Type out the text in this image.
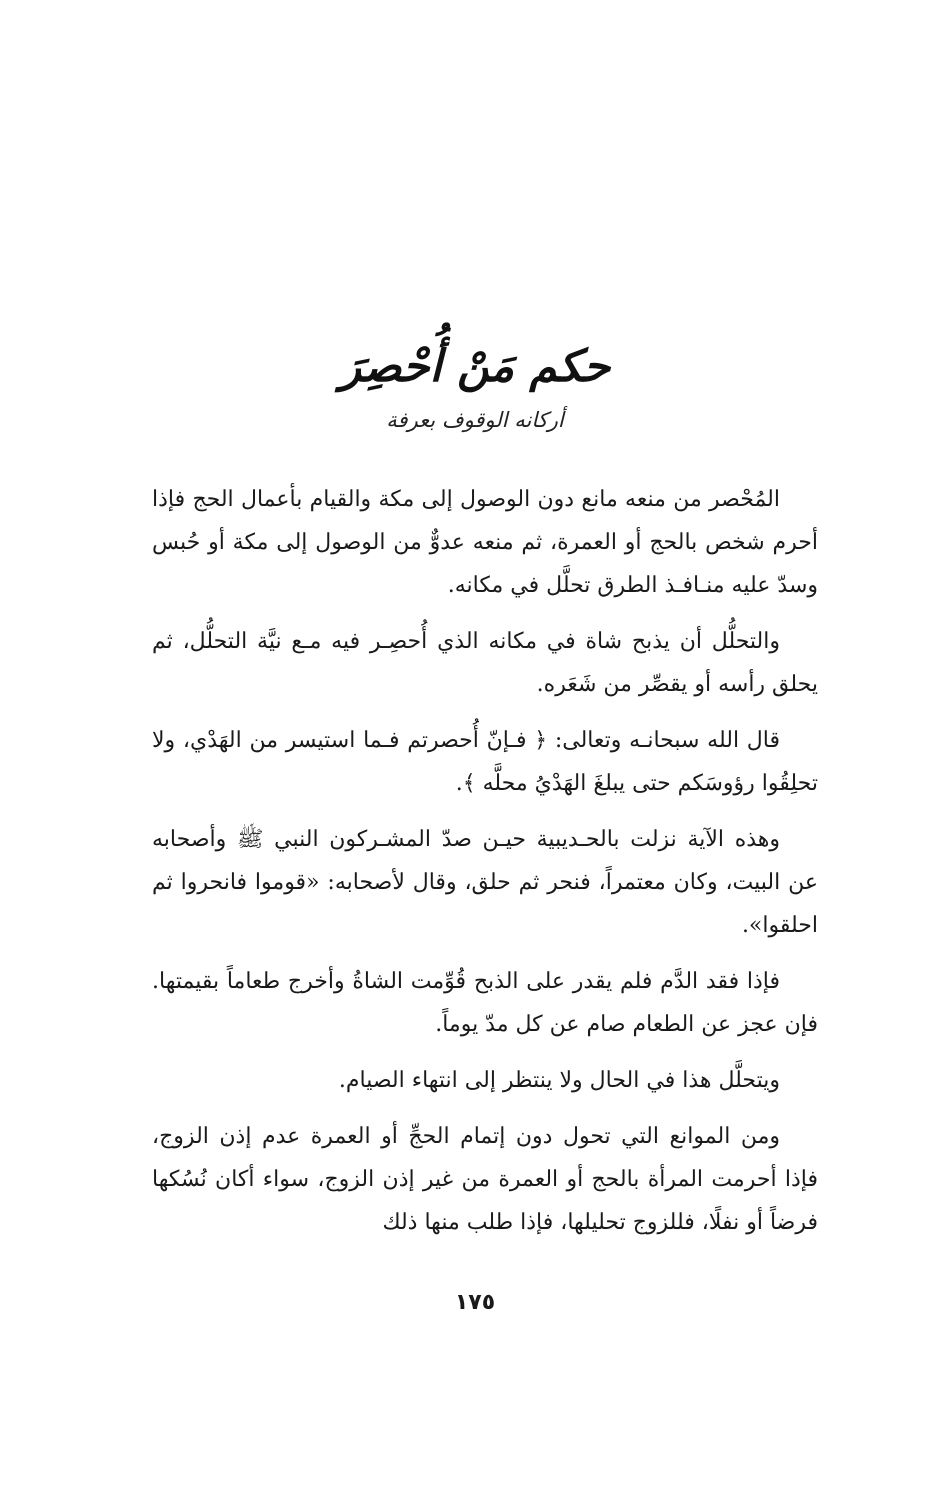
حكم مَنْ أُحْصِرَ
أركانه الوقوف بعرفة

المُحْصر من منعه مانع دون الوصول إلى مكة والقيام بأعمال الحج فإذا أحرم شخص بالحج أو العمرة، ثم منعه عدوٌّ من الوصول إلى مكة أو حُبس وسدّ عليه منـافـذ الطرق تحلَّل في مكانه.

والتحلُّل أن يذبح شاة في مكانه الذي أُحصِـر فيه مـع نيَّة التحلُّل، ثم يحلق رأسه أو يقصِّر من شَعَره.

قال الله سبحانـه وتعالى: ﴿ فـإنّ أُحصرتم فـما استيسر من الهَدْي، ولا تحلِقُوا رؤوسَكم حتى يبلغَ الهَدْيُ محلَّه ﴾.

وهذه الآية نزلت بالحـديبية حيـن صدّ المشـركون النبي ﷺ وأصحابه عن البيت، وكان معتمراً، فنحر ثم حلق، وقال لأصحابه: «قوموا فانحروا ثم احلقوا».

فإذا فقد الدَّم فلم يقدر على الذبح قُوِّمت الشاةُ وأخرج طعاماً بقيمتها. فإن عجز عن الطعام صام عن كل مدّ يوماً.

ويتحلَّل هذا في الحال ولا ينتظر إلى انتهاء الصيام.

ومن الموانع التي تحول دون إتمام الحجِّ أو العمرة عدم إذن الزوج، فإذا أحرمت المرأة بالحج أو العمرة من غير إذن الزوج، سواء أكان نُسُكها فرضاً أو نفلًا، فللزوج تحليلها، فإذا طلب منها ذلك

١٧٥
